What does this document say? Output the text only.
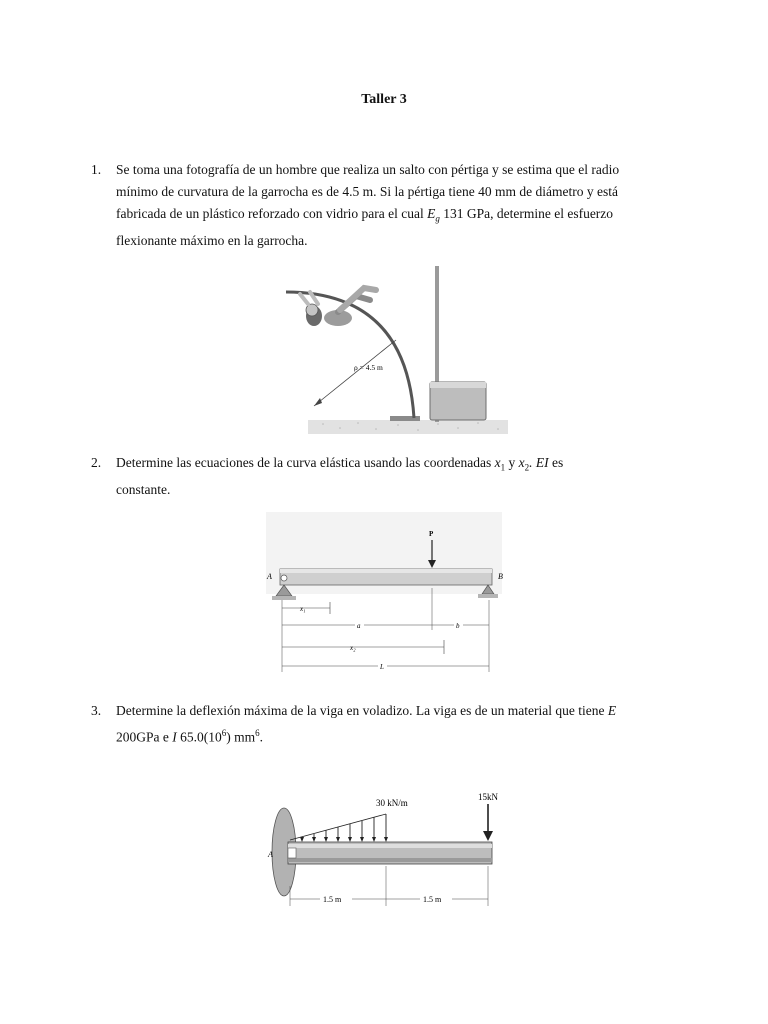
Taller 3
1. Se toma una fotografía de un hombre que realiza un salto con pértiga y se estima que el radio
mínimo de curvatura de la garrocha es de 4.5 m. Si la pértiga tiene 40 mm de diámetro y está
fabricada de un plástico reforzado con vidrio para el cual $E_g$ 131 GPa, determine el esfuerzo
flexionante máximo en la garrocha.
ρ = 4.5 m
2. Determine las ecuaciones de la curva elástica usando las coordenadas $x_1$ y $x_2$. EI es
constante.
A	B
P
x₁
a	b
x₂
L
3. Determine la deflexión máxima de la viga en voladizo. La viga es de un material que tiene E
200GPa e I $65.0(10^6)$ $mm^6$.
A
30 kN/m
15kN
1.5 m	1.5 m
